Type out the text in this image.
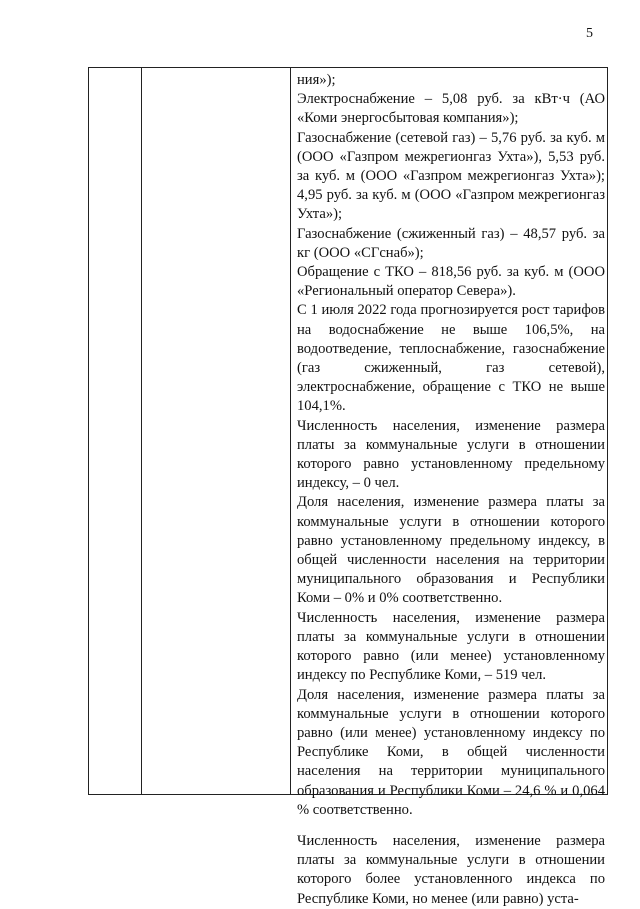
5

ния»);

Электроснабжение – 5,08 руб. за кВт·ч (АО «Коми энергосбытовая компания»);

Газоснабжение (сетевой газ) – 5,76 руб. за куб. м (ООО «Газпром межрегионгаз Ухта»), 5,53 руб. за куб. м (ООО «Газпром межрегионгаз Ухта»); 4,95 руб. за куб. м (ООО «Газпром межрегионгаз Ухта»);

Газоснабжение (сжиженный газ) – 48,57 руб. за кг (ООО «СГснаб»);

Обращение с ТКО – 818,56 руб. за куб. м (ООО «Региональный оператор Севера»).

С 1 июля 2022 года прогнозируется рост тарифов на водоснабжение не выше 106,5%, на водоотведение, теплоснабжение, газоснабжение (газ сжиженный, газ сетевой), электроснабжение, обращение с ТКО не выше 104,1%.

Численность населения, изменение размера платы за коммунальные услуги в отношении которого равно установленному предельному индексу, – 0 чел.

Доля населения, изменение размера платы за коммунальные услуги в отношении которого равно установленному предельному индексу, в общей численности населения на территории муниципального образования и Республики Коми – 0% и 0% соответственно.

Численность населения, изменение размера платы за коммунальные услуги в отношении которого равно (или менее) установленному индексу по Республике Коми, – 519 чел.

Доля населения, изменение размера платы за коммунальные услуги в отношении которого равно (или менее) установленному индексу по Республике Коми, в общей численности населения на территории муниципального образования и Республики Коми – 24,6 % и 0,064 % соответственно.

Численность населения, изменение размера платы за коммунальные услуги в отношении которого более установленного индекса по Республике Коми, но менее (или равно) уста-
